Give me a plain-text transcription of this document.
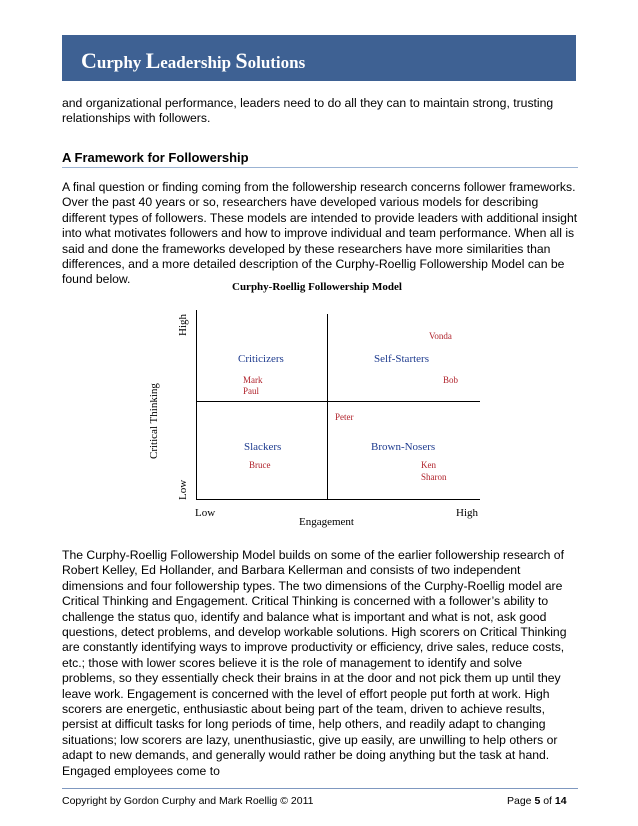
Curphy Leadership Solutions

and organizational performance, leaders need to do all they can to maintain strong, trusting relationships with followers.

A Framework for Followership

A final question or finding coming from the followership research concerns follower frameworks. Over the past 40 years or so, researchers have developed various models for describing different types of followers. These models are intended to provide leaders with additional insight into what motivates followers and how to improve individual and team performance. When all is said and done the frameworks developed by these researchers have more similarities than differences, and a more detailed description of the Curphy-Roellig Followership Model can be found below.

Curphy-Roellig Followership Model
High
Critical Thinking
Low
Vonda
Criticizers	Self-Starters
Mark
Paul
Bob
Peter
Slackers	Brown-Nosers
Bruce	Ken
Sharon
Low	High
Engagement

The Curphy-Roellig Followership Model builds on some of the earlier followership research of Robert Kelley, Ed Hollander, and Barbara Kellerman and consists of two independent dimensions and four followership types. The two dimensions of the Curphy-Roellig model are Critical Thinking and Engagement. Critical Thinking is concerned with a follower’s ability to challenge the status quo, identify and balance what is important and what is not, ask good questions, detect problems, and develop workable solutions. High scorers on Critical Thinking are constantly identifying ways to improve productivity or efficiency, drive sales, reduce costs, etc.; those with lower scores believe it is the role of management to identify and solve problems, so they essentially check their brains in at the door and not pick them up until they leave work. Engagement is concerned with the level of effort people put forth at work. High scorers are energetic, enthusiastic about being part of the team, driven to achieve results, persist at difficult tasks for long periods of time, help others, and readily adapt to changing situations; low scorers are lazy, unenthusiastic, give up easily, are unwilling to help others or adapt to new demands, and generally would rather be doing anything but the task at hand. Engaged employees come to

Copyright by Gordon Curphy and Mark Roellig © 2011	Page 5 of 14
